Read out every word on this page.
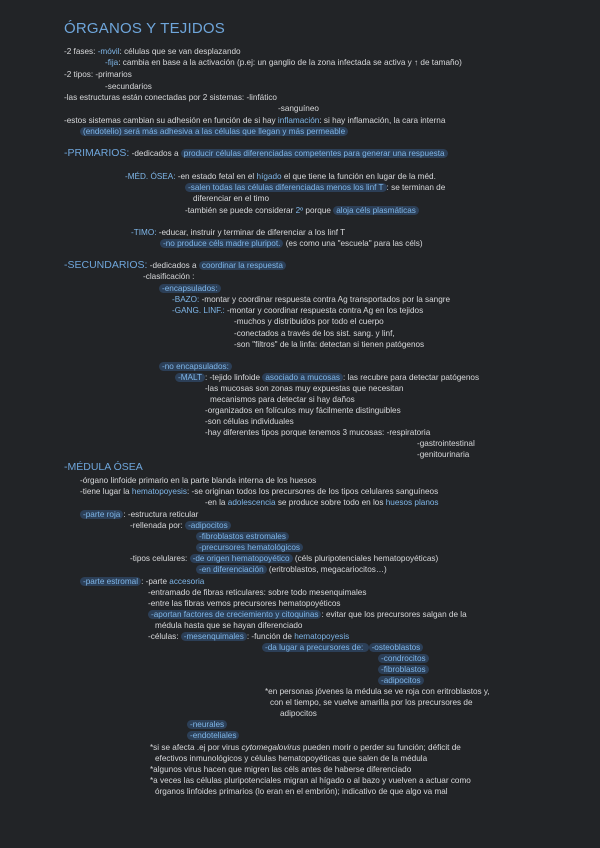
ÓRGANOS Y TEJIDOS
-2 fases: -móvil: células que se van desplazando
-fija: cambia en base a la activación (p.ej: un ganglio de la zona infectada se activa y ↑ de tamaño)
-2 tipos: -primarios
-secundarios
-las estructuras están conectadas por 2 sistemas: -linfático
-sanguíneo
-estos sistemas cambian su adhesión en función de si hay inflamación: si hay inflamación, la cara interna
(endotelio) será más adhesiva a las células que llegan y más permeable
-PRIMARIOS: -dedicados a producir células diferenciadas competentes para generar una respuesta
-MÉD. ÓSEA: -en estado fetal en el hígado el que tiene la función en lugar de la méd.
-salen todas las células diferenciadas menos los linf T : se terminan de
diferenciar en el timo
-también se puede considerar 2º porque aloja céls plasmáticas
-TIMO: -educar, instruir y terminar de diferenciar a los linf T
-no produce céls madre pluripot. (es como una "escuela" para las céls)
-SECUNDARIOS: -dedicados a coordinar la respuesta
-clasificación :
-encapsulados:
-BAZO: -montar y coordinar respuesta contra Ag transportados por la sangre
-GANG. LINF.: -montar y coordinar respuesta contra Ag en los tejidos
-muchos y distribuidos por todo el cuerpo
-conectados a través de los sist. sang. y linf,
-son "filtros" de la linfa: detectan si tienen patógenos
-no encapsulados:
-MALT : -tejido linfoide asociado a mucosas : las recubre para detectar patógenos
-las mucosas son zonas muy expuestas que necesitan
mecanismos para detectar si hay daños
-organizados en folículos muy fácilmente distinguibles
-son células individuales
-hay diferentes tipos porque tenemos 3 mucosas: -respiratoria
-gastrointestinal
-genitourinaria
-MÉDULA ÓSEA
-órgano linfoide primario en la parte blanda interna de los huesos
-tiene lugar la hematopoyesis: -se originan todos los precursores de los tipos celulares sanguíneos
-en la adolescencia se produce sobre todo en los huesos planos
-parte roja : -estructura reticular
-rellenada por: -adipocitos
-fibroblastos estromales
-precursores hematológicos
-tipos celulares: -de origen hematopoyético (céls pluripotenciales hematopoyéticas)
-en diferenciación (eritroblastos, megacariocitos…)
-parte estromal : -parte accesoria
-entramado de fibras reticulares: sobre todo mesenquimales
-entre las fibras vemos precursores hematopoyéticos
-aportan factores de creciemiento y citoquinas : evitar que los precursores salgan de la
médula hasta que se hayan diferenciado
-células: -mesenquimales : -función de hematopoyesis
-da lugar a precursores de: -osteoblastos
-condrocitos
-fibroblastos
-adipocitos
*en personas jóvenes la médula se ve roja con eritroblastos y,
con el tiempo, se vuelve amarilla por los precursores de
adipocitos
-neurales
-endoteliales
*si se afecta .ej por virus cytomegalovirus pueden morir o perder su función; déficit de
efectivos inmunológicos y células hematopoyéticas que salen de la médula
*algunos virus hacen que migren las céls antes de haberse diferenciado
*a veces las células pluripotenciales migran al hígado o al bazo y vuelven a actuar como
órganos linfoides primarios (lo eran en el embrión); indicativo de que algo va mal
